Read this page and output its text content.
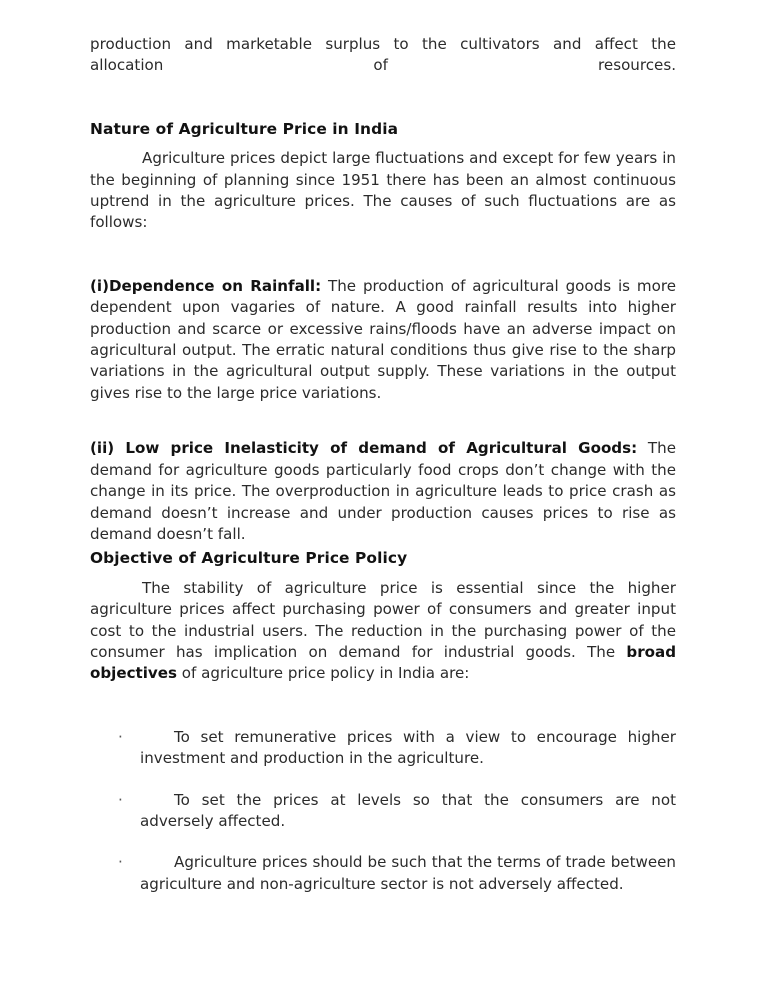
production and marketable surplus to the cultivators and affect the allocation of resources.

Nature of Agriculture Price in India

Agriculture prices depict large fluctuations and except for few years in the beginning of planning since 1951 there has been an almost continuous uptrend in the agriculture prices. The causes of such fluctuations are as follows:

(i)Dependence on Rainfall: The production of agricultural goods is more dependent upon vagaries of nature. A good rainfall results into higher production and scarce or excessive rains/floods have an adverse impact on agricultural output. The erratic natural conditions thus give rise to the sharp variations in the agricultural output supply. These variations in the output gives rise to the large price variations.

(ii) Low price Inelasticity of demand of Agricultural Goods: The demand for agriculture goods particularly food crops don’t change with the change in its price. The overproduction in agriculture leads to price crash as demand doesn’t increase and under production causes prices to rise as demand doesn’t fall.

Objective of Agriculture Price Policy

The stability of agriculture price is essential since the higher agriculture prices affect purchasing power of consumers and greater input cost to the industrial users. The reduction in the purchasing power of the consumer has implication on demand for industrial goods. The broad objectives of agriculture price policy in India are:

·	To set remunerative prices with a view to encourage higher investment and production in the agriculture.
·	To set the prices at levels so that the consumers are not adversely affected.
·	Agriculture prices should be such that the terms of trade between agriculture and non-agriculture sector is not adversely affected.
